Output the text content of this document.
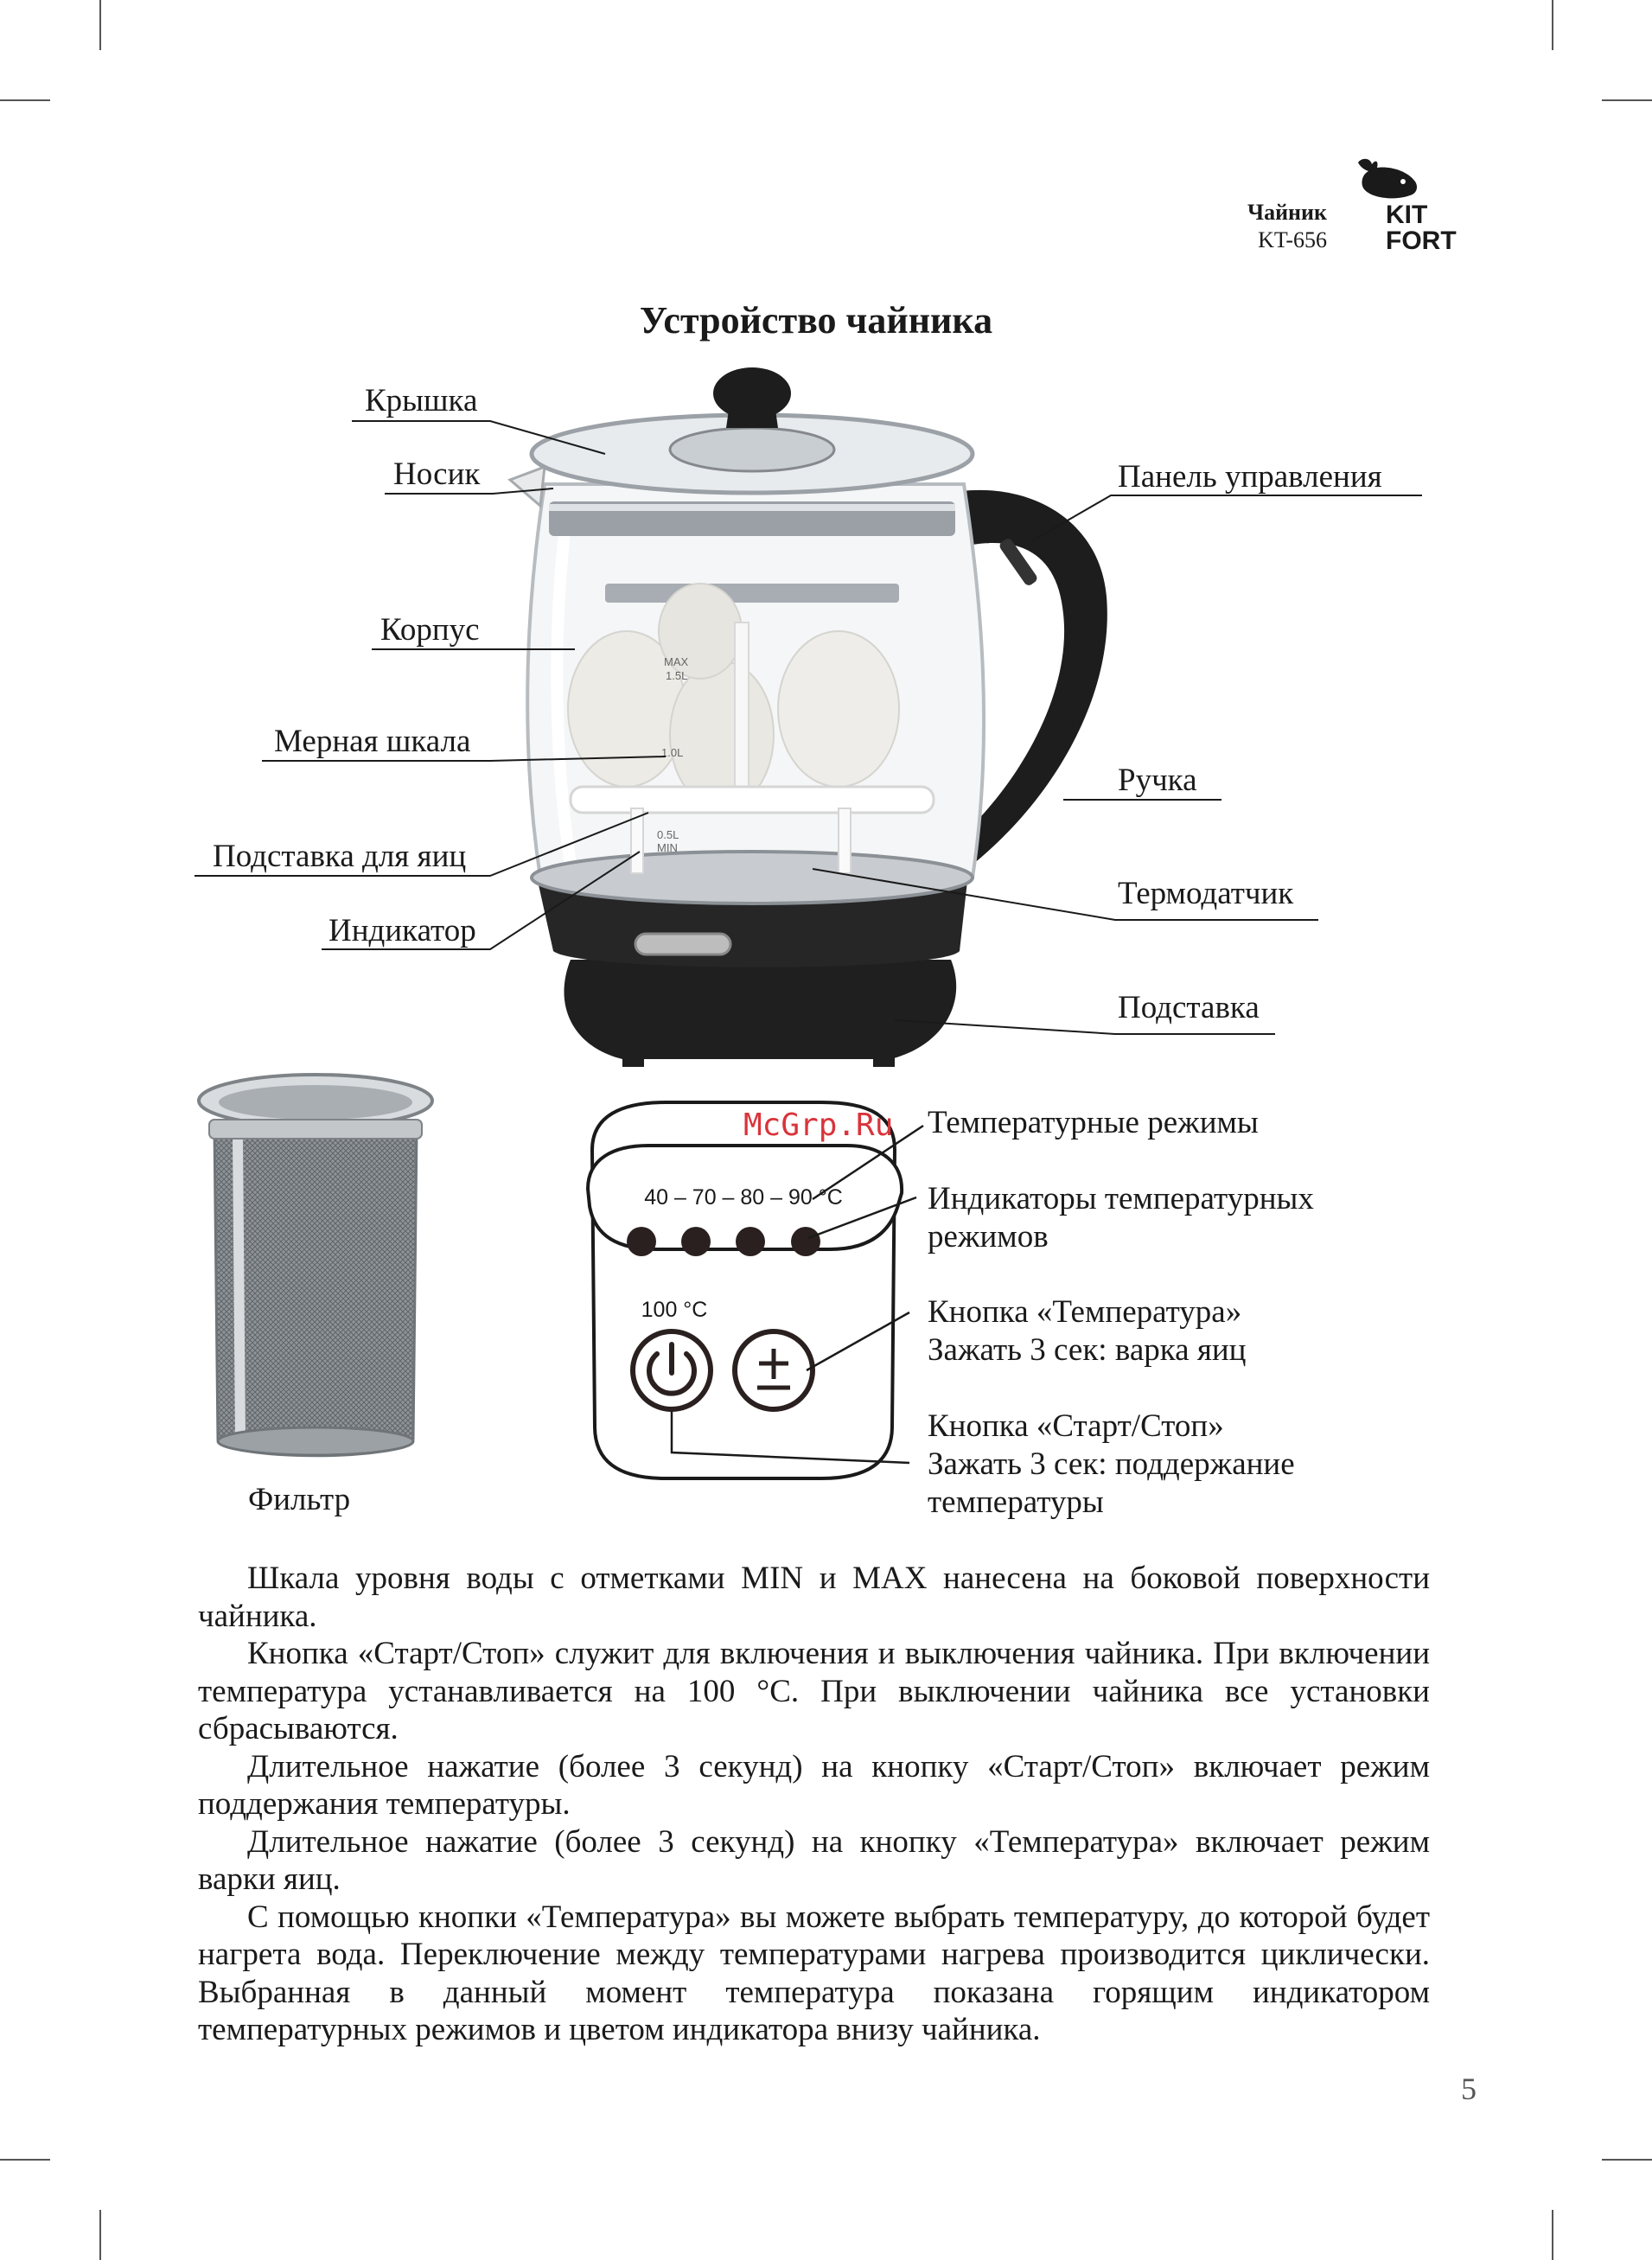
Чайник
KT-656
KIT
FORT
Устройство чайника
MAX
1.5L
1.0L
0.5L
MIN
Крышка
Носик
Корпус
Мерная шкала
Подставка для яиц
Индикатор
Панель управления
Ручка
Термодатчик
Подставка
Фильтр
40 – 70 – 80 – 90 °C
100 °C
McGrp.Ru Температурные режимы
Индикаторы температурных режимов
Кнопка «Температура»
Зажать 3 сек: варка яиц
Кнопка «Старт/Стоп»
Зажать 3 сек: поддержание температуры

Шкала уровня воды с отметками MIN и MAX нанесена на боковой поверхности чайника.

Кнопка «Старт/Стоп» служит для включения и выключения чайника. При включении температура устанавливается на 100 °С. При выключении чайника все установки сбрасываются.

Длительное нажатие (более 3 секунд) на кнопку «Старт/Стоп» включает режим поддержания температуры.

Длительное нажатие (более 3 секунд) на кнопку «Температура» включает режим варки яиц.

С помощью кнопки «Температура» вы можете выбрать температуру, до которой будет нагрета вода. Переключение между температурами нагрева производится циклически. Выбранная в данный момент температура показана горящим индикатором температурных режимов и цветом индикатора внизу чайника.

5
